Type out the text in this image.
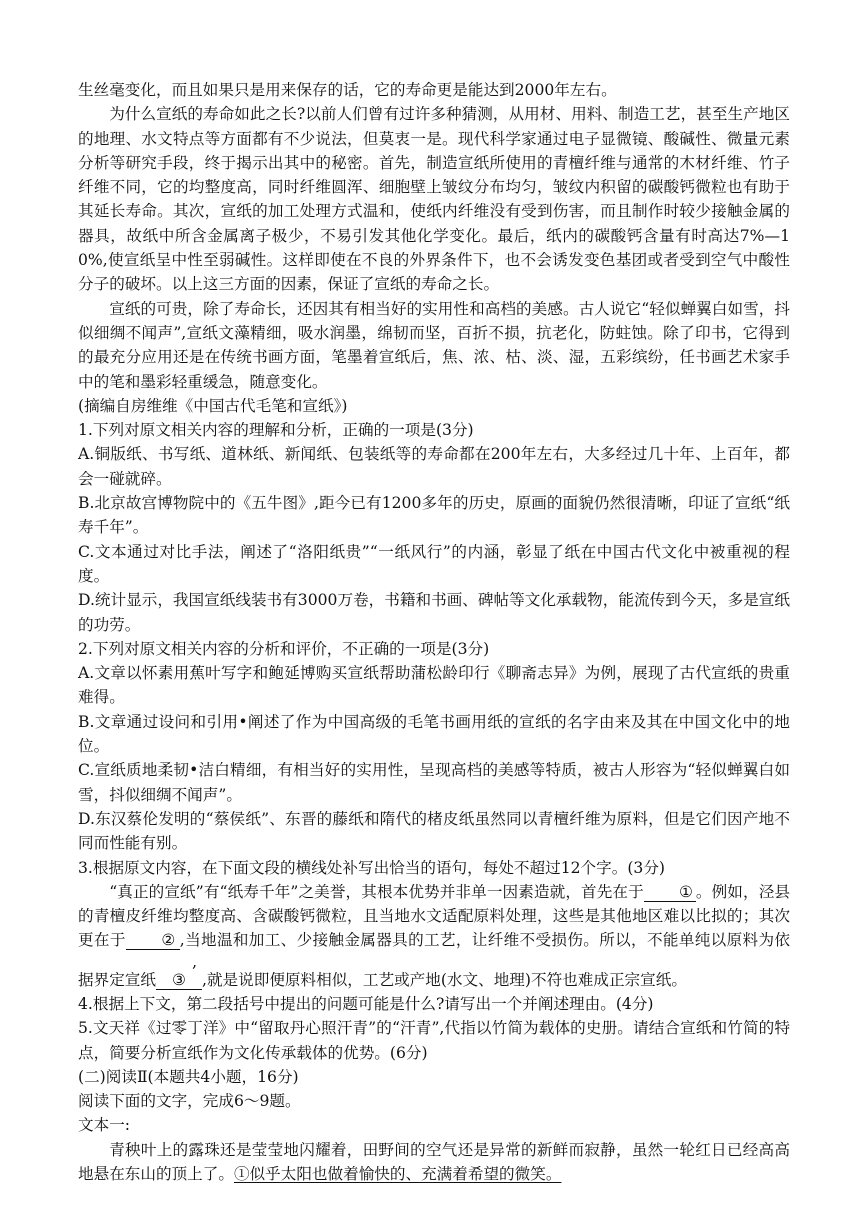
生丝毫变化，而且如果只是用来保存的话，它的寿命更是能达到2000年左右。

为什么宣纸的寿命如此之长?以前人们曾有过许多种猜测，从用材、用料、制造工艺，甚至生产地区的地理、水文特点等方面都有不少说法，但莫衷一是。现代科学家通过电子显微镜、酸碱性、微量元素分析等研究手段，终于揭示出其中的秘密。首先，制造宣纸所使用的青檀纤维与通常的木材纤维、竹子纤维不同，它的均整度高，同时纤维圆浑、细胞壁上皱纹分布均匀，皱纹内积留的碳酸钙微粒也有助于其延长寿命。其次，宣纸的加工处理方式温和，使纸内纤维没有受到伤害，而且制作时较少接触金属的器具，故纸中所含金属离子极少，不易引发其他化学变化。最后，纸内的碳酸钙含量有时高达7%—10%,使宣纸呈中性至弱碱性。这样即使在不良的外界条件下，也不会诱发变色基团或者受到空气中酸性分子的破坏。以上这三方面的因素，保证了宣纸的寿命之长。

宣纸的可贵，除了寿命长，还因其有相当好的实用性和高档的美感。古人说它“轻似蝉翼白如雪，抖似细绸不闻声”,宣纸文藻精细，吸水润墨，绵韧而坚，百折不损，抗老化，防蛀蚀。除了印书，它得到的最充分应用还是在传统书画方面，笔墨着宣纸后，焦、浓、枯、淡、湿，五彩缤纷，任书画艺术家手中的笔和墨彩轻重缓急，随意变化。

(摘编自房维维《中国古代毛笔和宣纸》)

1.下列对原文相关内容的理解和分析，正确的一项是(3分)

A.铜版纸、书写纸、道林纸、新闻纸、包装纸等的寿命都在200年左右，大多经过几十年、上百年，都会一碰就碎。

B.北京故宫博物院中的《五牛图》,距今已有1200多年的历史，原画的面貌仍然很清晰，印证了宣纸“纸寿千年”。

C.文本通过对比手法，阐述了“洛阳纸贵”“一纸风行”的内涵，彰显了纸在中国古代文化中被重视的程度。

D.统计显示，我国宣纸线装书有3000万卷，书籍和书画、碑帖等文化承载物，能流传到今天，多是宣纸的功劳。

2.下列对原文相关内容的分析和评价，不正确的一项是(3分)

A.文章以怀素用蕉叶写字和鲍延博购买宣纸帮助蒲松龄印行《聊斋志异》为例，展现了古代宣纸的贵重难得。

B.文章通过设问和引用•阐述了作为中国高级的毛笔书画用纸的宣纸的名字由来及其在中国文化中的地位。

C.宣纸质地柔韧•洁白精细，有相当好的实用性，呈现高档的美感等特质，被古人形容为“轻似蝉翼白如雪，抖似细绸不闻声”。

D.东汉蔡伦发明的“蔡侯纸”、东晋的藤纸和隋代的楮皮纸虽然同以青檀纤维为原料，但是它们因产地不同而性能有别。

3.根据原文内容，在下面文段的横线处补写出恰当的语句，每处不超过12个字。(3分)

“真正的宣纸”有“纸寿千年”之美誉，其根本优势并非单一因素造就，首先在于 ① 。例如，泾县的青檀皮纤维均整度高、含碳酸钙微粒，且当地水文适配原料处理，这些是其他地区难以比拟的；其次更在于 ② ,当地温和加工、少接触金属器具的工艺，让纤维不受损伤。所以，不能单纯以原料为依据界定宣纸,③ ,就是说即便原料相似，工艺或产地(水文、地理)不符也难成正宗宣纸。

4.根据上下文，第二段括号中提出的问题可能是什么?请写出一个并阐述理由。(4分)

5.文天祥《过零丁洋》中“留取丹心照汗青”的“汗青”,代指以竹简为载体的史册。请结合宣纸和竹简的特点，简要分析宣纸作为文化传承载体的优势。(6分)

(二)阅读Ⅱ(本题共4小题，16分)

阅读下面的文字，完成6～9题。

文本一:

青秧叶上的露珠还是莹莹地闪耀着，田野间的空气还是异常的新鲜而寂静，虽然一轮红日已经高高地悬在东山的顶上了。①似乎太阳也做着愉快的、充满着希望的微笑。
